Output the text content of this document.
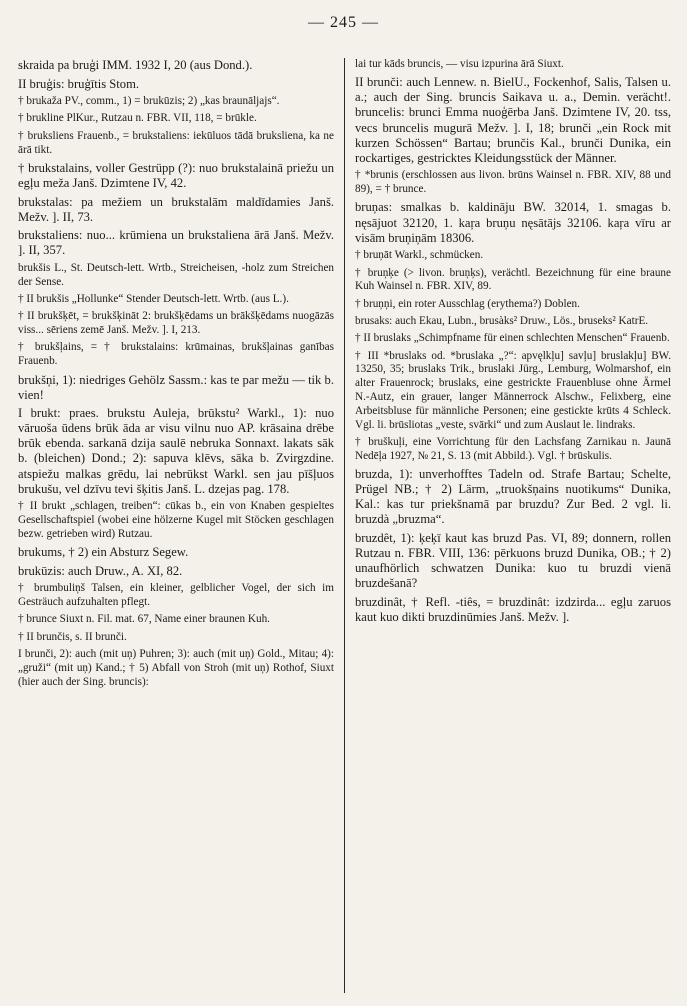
— 245 —

skraida pa bruģi IMM. 1932 I, 20 (aus Dond.).

II bruģis: bruģītis Stom.

† brukaža PV., comm., 1) = brukūzis; 2) „kas braunāljajs“.

† brukline PlKur., Rutzau n. FBR. VII, 118, = brūkle.

† bruksliens Frauenb., = brukstaliens: iekūluos tādā bruksliena, ka ne ārā tikt.

† brukstalains, voller Gestrüpp (?): nuo brukstalainā priežu un egļu meža Janš. Dzimtene IV, 42.

brukstalas: pa mežiem un brukstalām maldīdamies Janš. Mežv. ]. II, 73.

brukstaliens: nuo... krūmiena un brukstaliena ārā Janš. Mežv. ]. II, 357.

brukšis L., St. Deutsch-lett. Wrtb., Streicheisen, -holz zum Streichen der Sense.

† II brukšis „Hollunke“ Stender Deutsch-lett. Wrtb. (aus L.).

† II brukšķēt, = brukšķināt 2: brukšķēdams un brākšķēdams nuogāzās viss... sēriens zemē Janš. Mežv. ]. I, 213.

† brukšļains, = † brukstalains: krūmainas, brukšļainas ganības Frauenb.

brukšņi, 1): niedriges Gehölz Sassm.: kas te par mežu — tik b. vien!

I brukt: praes. brukstu Auleja, brūkstu² Warkl., 1): nuo vāruoša ūdens brūk āda ar visu vilnu nuo AP. krāsaina drēbe brūk ebenda. sarkanā dzija saulē nebruka Sonnaxt. lakats sāk b. (bleichen) Dond.; 2): sapuva klēvs, sāka b. Zvirgzdine. atspiežu malkas grēdu, lai nebrūkst Warkl. sen jau pīšļuos brukušu, vel dzīvu tevi šķitis Janš. L. dzejas pag. 178.

† II brukt „schlagen, treiben“: cūkas b., ein von Knaben gespieltes Gesellschaftspiel (wobei eine hölzerne Kugel mit Stöcken geschlagen bezw. getrieben wird) Rutzau.

brukums, † 2) ein Absturz Segew.

brukūzis: auch Druw., A. XI, 82.

† brumbuliņš Talsen, ein kleiner, gelblicher Vogel, der sich im Gesträuch aufzuhalten pflegt.

† brunce Siuxt n. Fil. mat. 67, Name einer braunen Kuh.

† II brunčis, s. II brunči.

I brunči, 2): auch (mit uņ) Puhren; 3): auch (mit uņ) Gold., Mitau; 4): „gruži“ (mit uņ) Kand.; † 5) Abfall von Stroh (mit uņ) Rothof, Siuxt (hier auch der Sing. bruncis):

lai tur kāds bruncis, — visu izpurina ārā Siuxt.

II brunči: auch Lennew. n. BielU., Fockenhof, Salis, Talsen u. a.; auch der Sing. bruncis Saikava u. a., Demin. verächt!. bruncelis: brunci Emma nuoģērba Janš. Dzimtene IV, 20. tss, vecs bruncelis mugurā Mežv. ]. I, 18; brunči „ein Rock mit kurzen Schössen“ Bartau; brunčis Kal., brunči Dunika, ein rockartiges, gestricktes Kleidungsstück der Männer.

† *brunis (erschlossen aus livon. brūns Wainsel n. FBR. XIV, 88 und 89), = † brunce.

bruņas: smalkas b. kaldināju BW. 32014, 1. smagas b. nęsājuot 32120, 1. kaŗa bruņu nęsātājs 32106. kaŗa vīru ar visām bruņiņām 18306.

† bruņāt Warkl., schmücken.

† bruņķe (> livon. bruņķs), verächtl. Bezeichnung für eine braune Kuh Wainsel n. FBR. XIV, 89.

† bruņņi, ein roter Ausschlag (erythema?) Doblen.

brusaks: auch Ekau, Lubn., brusàks² Druw., Lös., bruseks² KatrE.

† II bruslaks „Schimpfname für einen schlechten Menschen“ Frauenb.

† III *bruslaks od. *bruslaka „?“: apvęlkļu] savļu] bruslakļu] BW. 13250, 35; bruslaks Trik., bruslaki Jürg., Lemburg, Wolmarshof, ein alter Frauenrock; bruslaks, eine gestrickte Frauenbluse ohne Ärmel N.-Autz, ein grauer, langer Männerrock Alschw., Felixberg, eine Arbeitsbluse für männliche Personen; eine gestickte krūts 4 Schleck. Vgl. li. brūsliotas „veste, svārki“ und zum Auslaut le. lindraks.

† bruškuļi, eine Vorrichtung für den Lachsfang Zarnikau n. Jaunā Nedēļa 1927, № 21, S. 13 (mit Abbild.). Vgl. † brūskulis.

bruzda, 1): unverhofftes Tadeln od. Strafe Bartau; Schelte, Prügel NB.; † 2) Lärm, „truokšņains nuotikums“ Dunika, Kal.: kas tur priekšnamā par bruzdu? Zur Bed. 2 vgl. li. bruzdà „bruzma“.

bruzdêt, 1): ķeķī kaut kas bruzd Pas. VI, 89; donnern, rollen Rutzau n. FBR. VIII, 136: pērkuons bruzd Dunika, OB.; † 2) unaufhörlich schwatzen Dunika: kuo tu bruzdi vienā bruzdešanā?

bruzdinât, † Refl. -tiês, = bruzdinât: izdzirda... egļu zaruos kaut kuo dikti bruzdinūmies Janš. Mežv. ].
